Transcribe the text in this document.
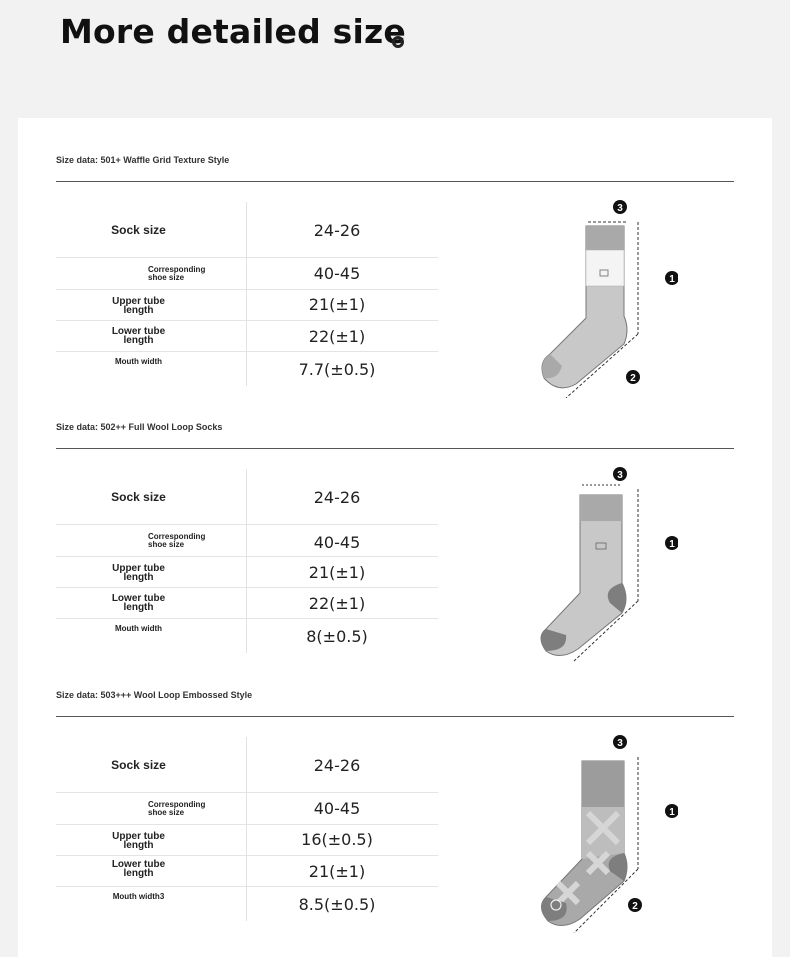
More detailed size
Size data: 501+ Waffle Grid Texture Style
Sock size	24-26
Corresponding shoe size	40-45
Upper tube length	21(±1)
Lower tube length	22(±1)
Mouth width	7.7(±0.5)
3
1
2
Size data: 502++ Full Wool Loop Socks
Sock size	24-26
Corresponding shoe size	40-45
Upper tube length	21(±1)
Lower tube length	22(±1)
Mouth width	8(±0.5)
3
1
Size data: 503+++ Wool Loop Embossed Style
Sock size	24-26
Corresponding shoe size	40-45
Upper tube length	16(±0.5)
Lower tube length	21(±1)
Mouth width3	8.5(±0.5)
3
1
2
